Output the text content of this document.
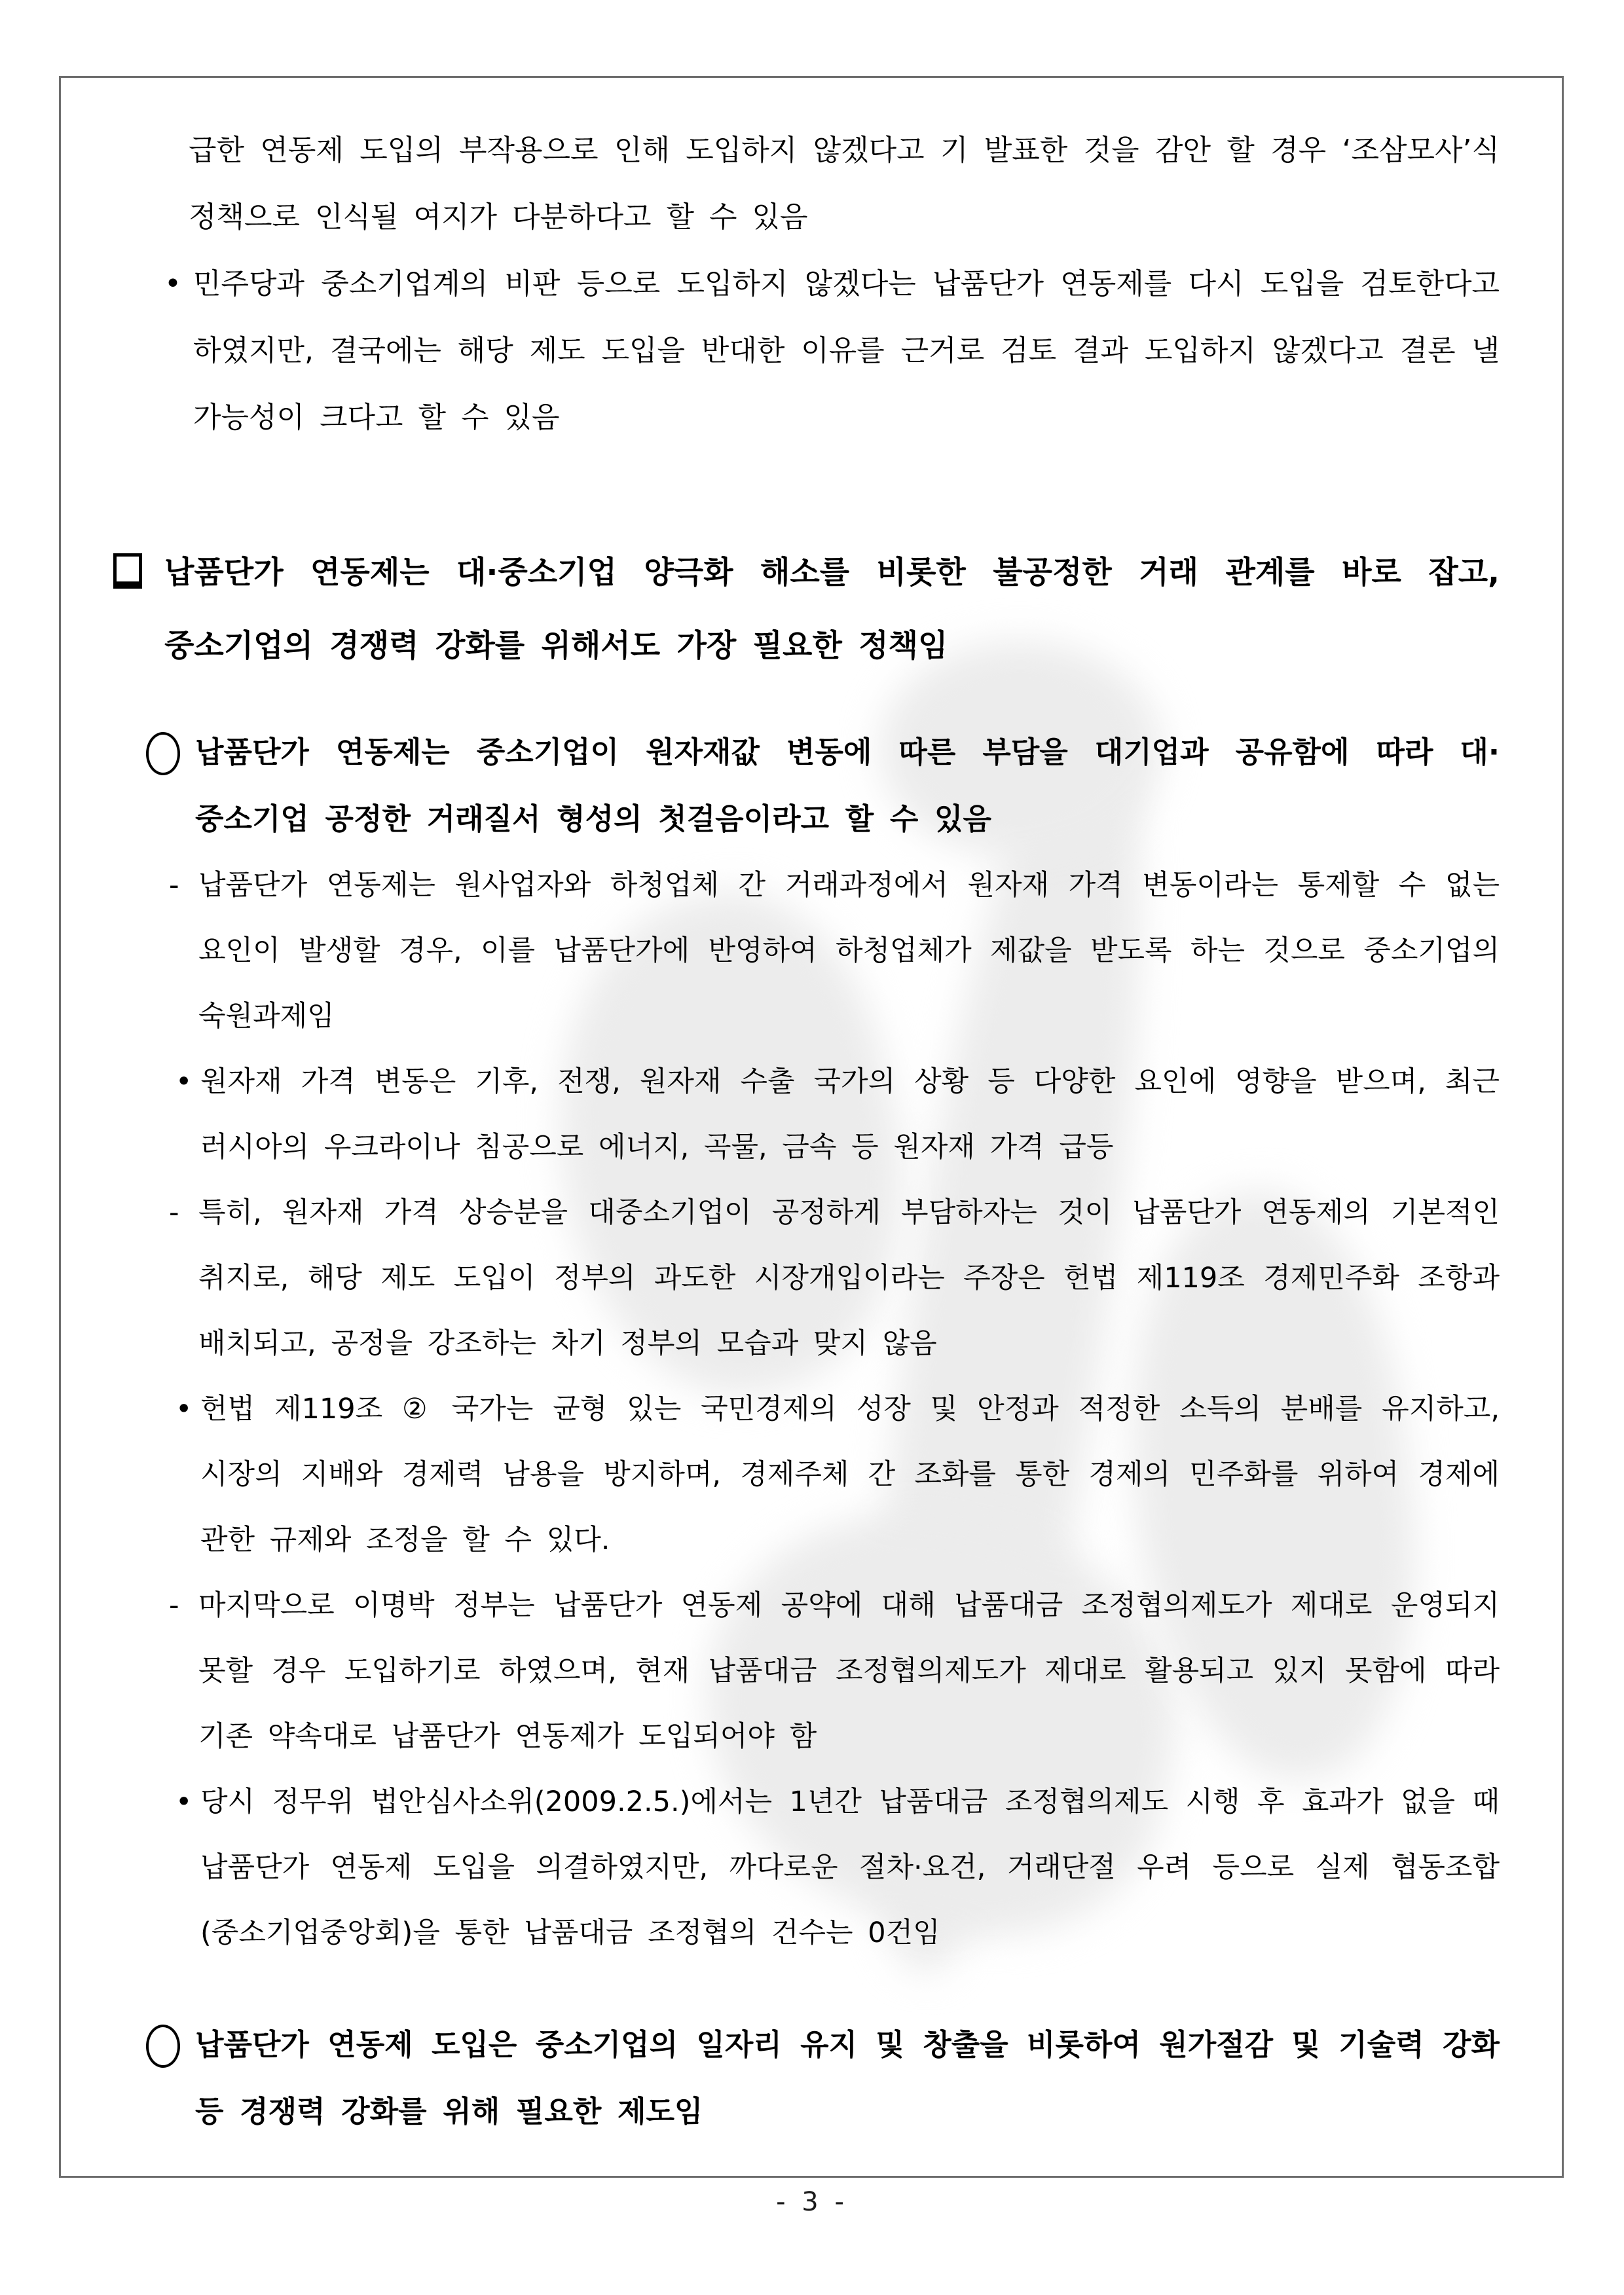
급한 연동제 도입의 부작용으로 인해 도입하지 않겠다고 기 발표한 것을 감안 할 경우 ‘조삼모사’식 정책으로 인식될 여지가 다분하다고 할 수 있음
• 민주당과 중소기업계의 비판 등으로 도입하지 않겠다는 납품단가 연동제를 다시 도입을 검토한다고 하였지만, 결국에는 해당 제도 도입을 반대한 이유를 근거로 검토 결과 도입하지 않겠다고 결론 낼 가능성이 크다고 할 수 있음
납품단가 연동제는 대·중소기업 양극화 해소를 비롯한 불공정한 거래 관계를 바로 잡고, 중소기업의 경쟁력 강화를 위해서도 가장 필요한 정책임
납품단가 연동제는 중소기업이 원자재값 변동에 따른 부담을 대기업과 공유함에 따라 대·중소기업 공정한 거래질서 형성의 첫걸음이라고 할 수 있음
- 납품단가 연동제는 원사업자와 하청업체 간 거래과정에서 원자재 가격 변동이라는 통제할 수 없는 요인이 발생할 경우, 이를 납품단가에 반영하여 하청업체가 제값을 받도록 하는 것으로 중소기업의 숙원과제임
• 원자재 가격 변동은 기후, 전쟁, 원자재 수출 국가의 상황 등 다양한 요인에 영향을 받으며, 최근 러시아의 우크라이나 침공으로 에너지, 곡물, 금속 등 원자재 가격 급등
- 특히, 원자재 가격 상승분을 대중소기업이 공정하게 부담하자는 것이 납품단가 연동제의 기본적인 취지로, 해당 제도 도입이 정부의 과도한 시장개입이라는 주장은 헌법 제119조 경제민주화 조항과 배치되고, 공정을 강조하는 차기 정부의 모습과 맞지 않음
• 헌법 제119조 ② 국가는 균형 있는 국민경제의 성장 및 안정과 적정한 소득의 분배를 유지하고, 시장의 지배와 경제력 남용을 방지하며, 경제주체 간 조화를 통한 경제의 민주화를 위하여 경제에 관한 규제와 조정을 할 수 있다.
- 마지막으로 이명박 정부는 납품단가 연동제 공약에 대해 납품대금 조정협의제도가 제대로 운영되지 못할 경우 도입하기로 하였으며, 현재 납품대금 조정협의제도가 제대로 활용되고 있지 못함에 따라 기존 약속대로 납품단가 연동제가 도입되어야 함
• 당시 정무위 법안심사소위(2009.2.5.)에서는 1년간 납품대금 조정협의제도 시행 후 효과가 없을 때 납품단가 연동제 도입을 의결하였지만, 까다로운 절차·요건, 거래단절 우려 등으로 실제 협동조합(중소기업중앙회)을 통한 납품대금 조정협의 건수는 0건임
납품단가 연동제 도입은 중소기업의 일자리 유지 및 창출을 비롯하여 원가절감 및 기술력 강화 등 경쟁력 강화를 위해 필요한 제도임
- 3 -
